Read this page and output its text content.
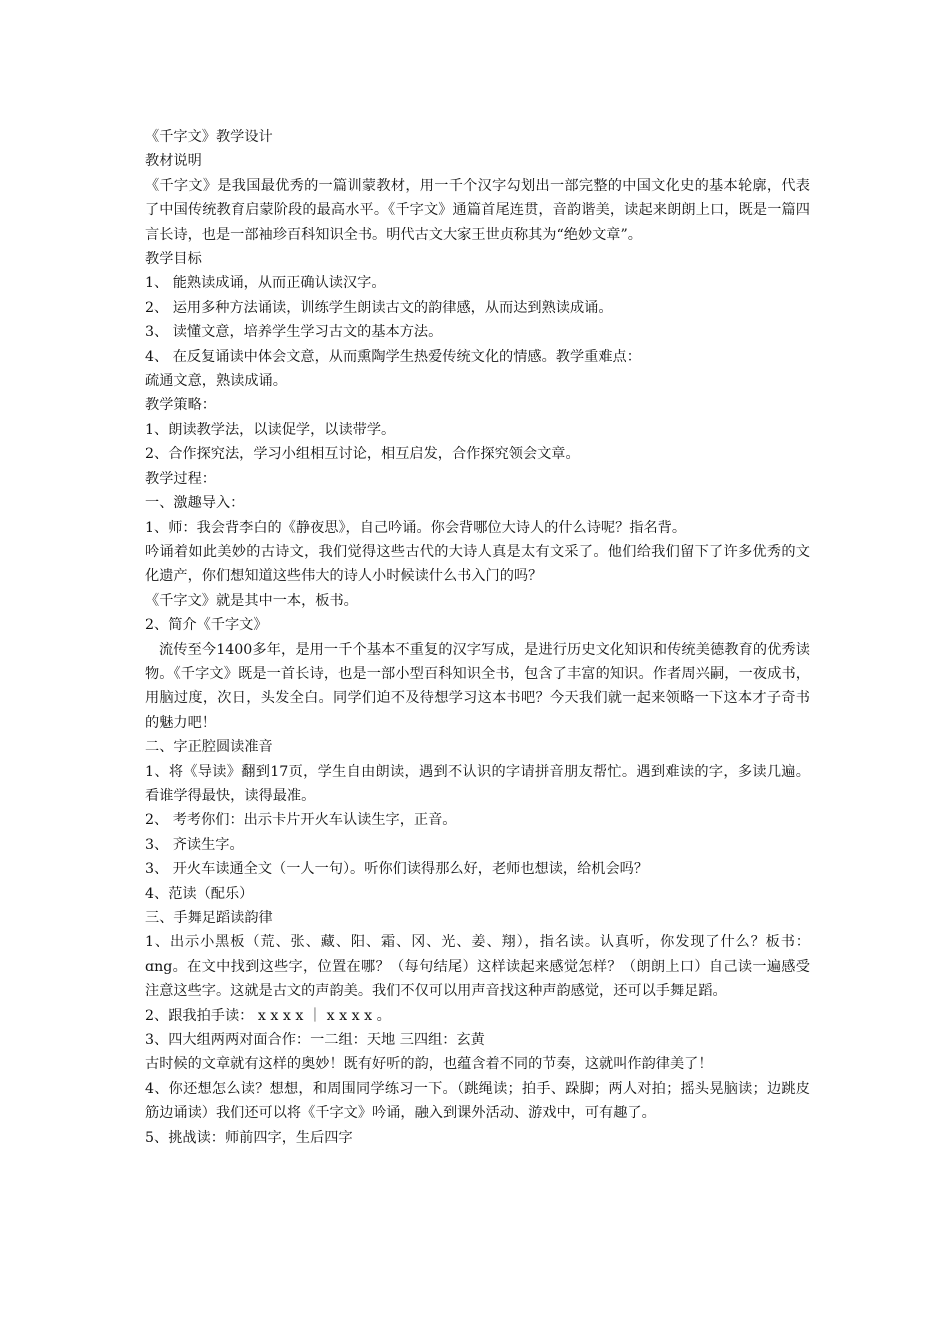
《千字文》教学设计
教材说明

《千字文》是我国最优秀的一篇训蒙教材，用一千个汉字勾划出一部完整的中国文化史的基本轮廓，代表了中国传统教育启蒙阶段的最高水平。《千字文》通篇首尾连贯，音韵谐美，读起来朗朗上口，既是一篇四言长诗，也是一部袖珍百科知识全书。明代古文大家王世贞称其为“绝妙文章”。

教学目标
1、 能熟读成诵，从而正确认读汉字。
2、 运用多种方法诵读，训练学生朗读古文的韵律感，从而达到熟读成诵。
3、 读懂文意，培养学生学习古文的基本方法。
4、 在反复诵读中体会文意，从而熏陶学生热爱传统文化的情感。教学重难点：
疏通文意，熟读成诵。
教学策略：
1、朗读教学法，以读促学，以读带学。
2、合作探究法，学习小组相互讨论，相互启发，合作探究领会文章。
教学过程：
一、激趣导入：
1、师：我会背李白的《静夜思》，自己吟诵。你会背哪位大诗人的什么诗呢？指名背。

吟诵着如此美妙的古诗文，我们觉得这些古代的大诗人真是太有文采了。他们给我们留下了许多优秀的文化遗产，你们想知道这些伟大的诗人小时候读什么书入门的吗？

《千字文》就是其中一本，板书。
2、简介《千字文》

流传至今1400多年，是用一千个基本不重复的汉字写成，是进行历史文化知识和传统美德教育的优秀读物。《千字文》既是一首长诗，也是一部小型百科知识全书，包含了丰富的知识。作者周兴嗣，一夜成书，用脑过度，次日，头发全白。同学们迫不及待想学习这本书吧？今天我们就一起来领略一下这本才子奇书的魅力吧！

二、字正腔圆读准音

1、将《导读》翻到17页，学生自由朗读，遇到不认识的字请拼音朋友帮忙。遇到难读的字，多读几遍。看谁学得最快，读得最准。

2、 考考你们：出示卡片开火车认读生字，正音。
3、 齐读生字。
3、 开火车读通全文（一人一句）。听你们读得那么好，老师也想读，给机会吗？
4、范读（配乐）
三、手舞足蹈读韵律

1、出示小黑板（荒、张、藏、阳、霜、冈、光、姜、翔），指名读。认真听，你发现了什么？板书：ɑng。在文中找到这些字，位置在哪？（每句结尾）这样读起来感觉怎样？（朗朗上口）自己读一遍感受注意这些字。这就是古文的声韵美。我们不仅可以用声音找这种声韵感觉，还可以手舞足蹈。

2、跟我拍手读： x x x x ｜ x x x x 。
3、四大组两两对面合作：一二组：天地 三四组：玄黄
古时候的文章就有这样的奥妙！既有好听的韵，也蕴含着不同的节奏，这就叫作韵律美了！

4、你还想怎么读？想想，和周围同学练习一下。（跳绳读；拍手、跺脚；两人对拍；摇头晃脑读；边跳皮筋边诵读）我们还可以将《千字文》吟诵，融入到课外活动、游戏中，可有趣了。

5、挑战读：师前四字，生后四字
